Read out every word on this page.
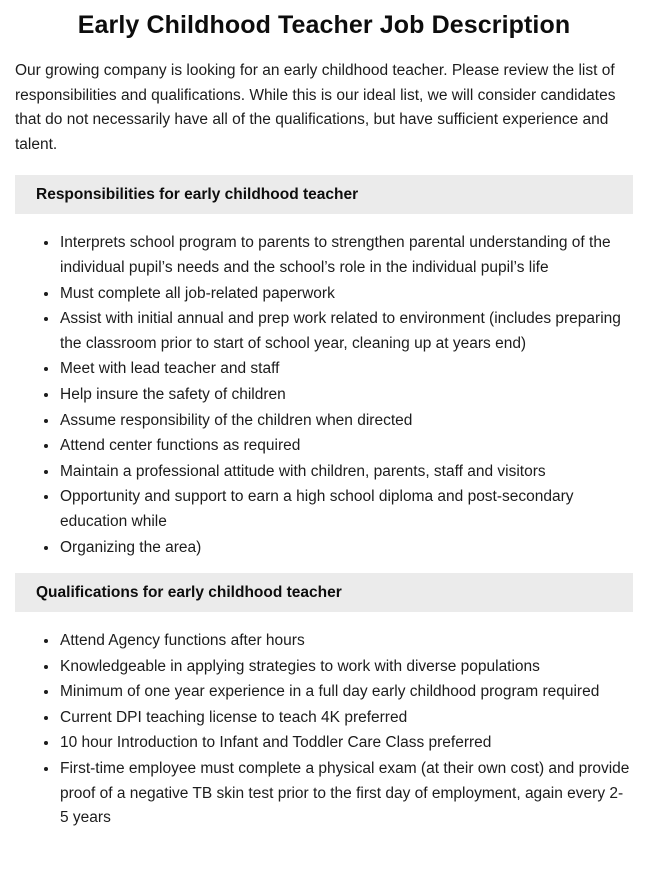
Early Childhood Teacher Job Description

Our growing company is looking for an early childhood teacher. Please review the list of responsibilities and qualifications. While this is our ideal list, we will consider candidates that do not necessarily have all of the qualifications, but have sufficient experience and talent.

Responsibilities for early childhood teacher
• Interprets school program to parents to strengthen parental understanding of the individual pupil’s needs and the school’s role in the individual pupil’s life
• Must complete all job-related paperwork
• Assist with initial annual and prep work related to environment (includes preparing the classroom prior to start of school year, cleaning up at years end)
• Meet with lead teacher and staff
• Help insure the safety of children
• Assume responsibility of the children when directed
• Attend center functions as required
• Maintain a professional attitude with children, parents, staff and visitors
• Opportunity and support to earn a high school diploma and post-secondary education while
• Organizing the area)
Qualifications for early childhood teacher
• Attend Agency functions after hours
• Knowledgeable in applying strategies to work with diverse populations
• Minimum of one year experience in a full day early childhood program required
• Current DPI teaching license to teach 4K preferred
• 10 hour Introduction to Infant and Toddler Care Class preferred
• First-time employee must complete a physical exam (at their own cost) and provide proof of a negative TB skin test prior to the first day of employment, again every 2- 5 years
